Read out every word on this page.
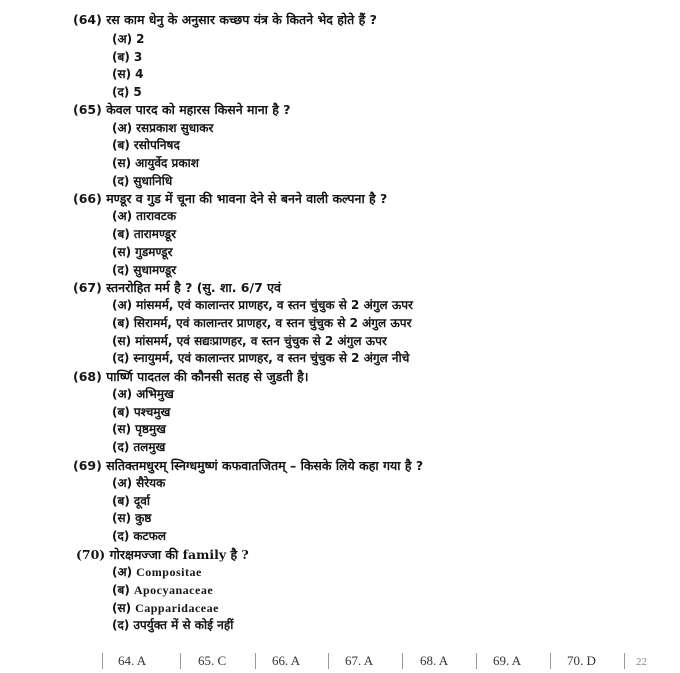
(64) रस काम धेनु के अनुसार कच्छप यंत्र के कितने भेद होते हैं ?
(अ) 2
(ब) 3
(स) 4
(द) 5
(65) केवल पारद को महारस किसने माना है ?
(अ) रसप्रकाश सुधाकर
(ब) रसोपनिषद
(स) आयुर्वेद प्रकाश
(द) सुधानिधि
(66) मण्डूर व गुड में चूना की भावना देने से बनने वाली कल्पना है ?
(अ) तारावटक
(ब) तारामण्डूर
(स) गुडमण्डूर
(द) सुधामण्डूर
(67) स्तनरोहित मर्म है ? (सु. शा. 6/7 एवं
(अ) मांसमर्म, एवं कालान्तर प्राणहर, व स्तन चुंचुक से 2 अंगुल ऊपर
(ब) सिरामर्म, एवं कालान्तर प्राणहर, व स्तन चुंचुक से 2 अंगुल ऊपर
(स) मांसमर्म, एवं सद्यःप्राणहर, व स्तन चुंचुक से 2 अंगुल ऊपर
(द) स्नायुमर्म, एवं कालान्तर प्राणहर, व स्तन चुंचुक से 2 अंगुल नीचे
(68) पार्ष्णि पादतल की कौनसी सतह से जुडती है।
(अ) अभिमुख
(ब) पश्चमुख
(स) पृष्ठमुख
(द) तलमुख
(69) सतिक्तमधुरम् स्निग्धमुष्णं कफवातजितम् – किसके लिये कहा गया है ?
(अ) सैरेयक
(ब) दूर्वा
(स) कुष्ठ
(द) कटफल
(70) गोरक्षमज्जा की family है ?
(अ) Compositae
(ब) Apocyanaceae
(स) Capparidaceae
(द) उपर्युक्त में से कोई नहीं
64. A	65. C	66. A	67. A	68. A	69. A	70. D	22
